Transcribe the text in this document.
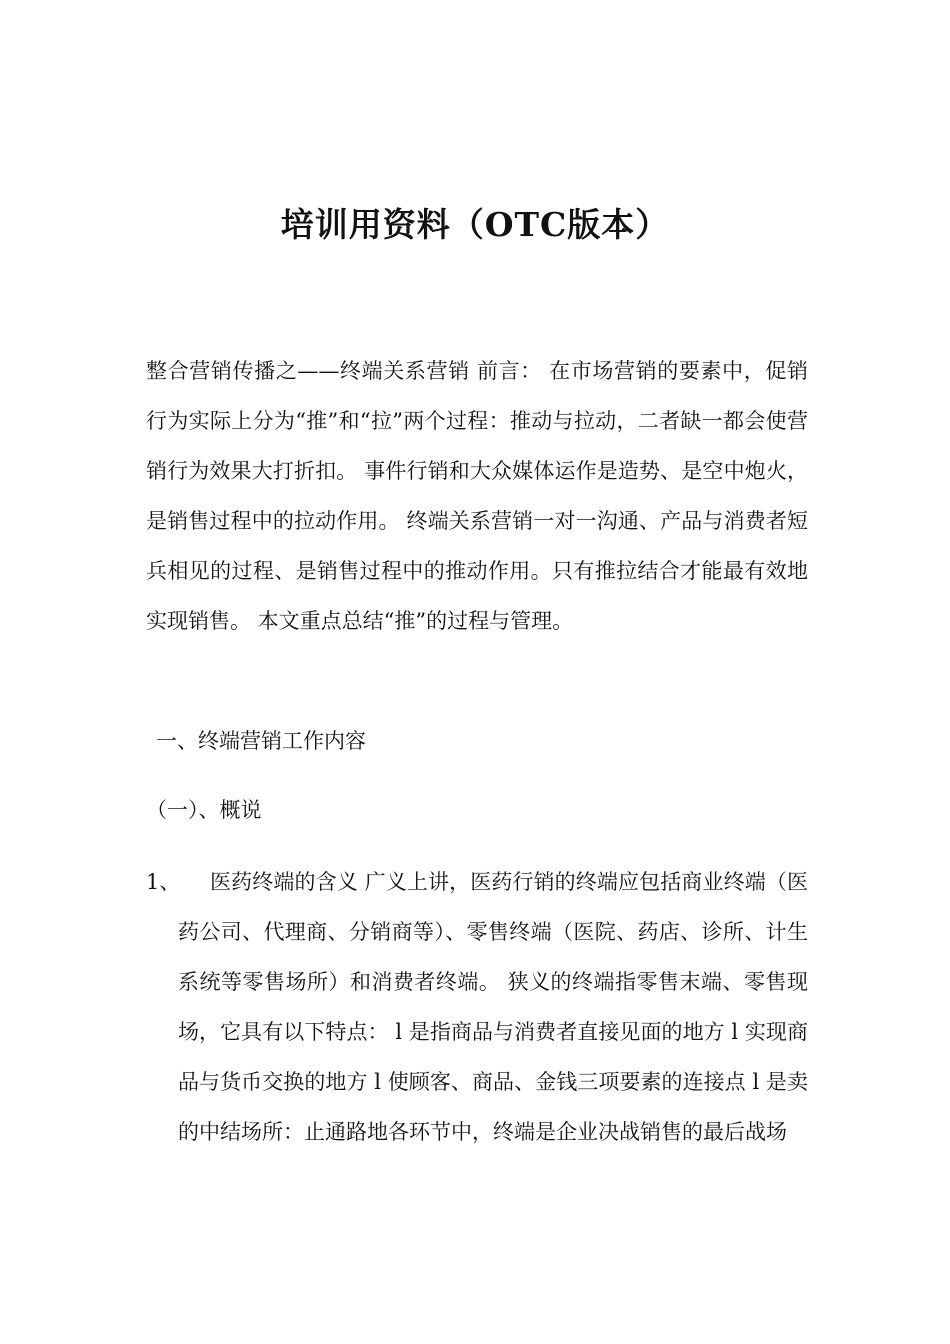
培训用资料（OTC版本）

整合营销传播之——终端关系营销 前言： 在市场营销的要素中，促销行为实际上分为“推”和“拉”两个过程：推动与拉动，二者缺一都会使营销行为效果大打折扣。 事件行销和大众媒体运作是造势、是空中炮火，是销售过程中的拉动作用。 终端关系营销一对一沟通、产品与消费者短兵相见的过程、是销售过程中的推动作用。只有推拉结合才能最有效地实现销售。 本文重点总结“推”的过程与管理。

一、终端营销工作内容

（一）、概说

1、	医药终端的含义 广义上讲，医药行销的终端应包括商业终端（医药公司、代理商、分销商等）、零售终端（医院、药店、诊所、计生系统等零售场所）和消费者终端。 狭义的终端指零售末端、零售现场，它具有以下特点： l 是指商品与消费者直接见面的地方 l 实现商品与货币交换的地方 l 使顾客、商品、金钱三项要素的连接点 l 是卖的中结场所：止通路地各环节中，终端是企业决战销售的最后战场
